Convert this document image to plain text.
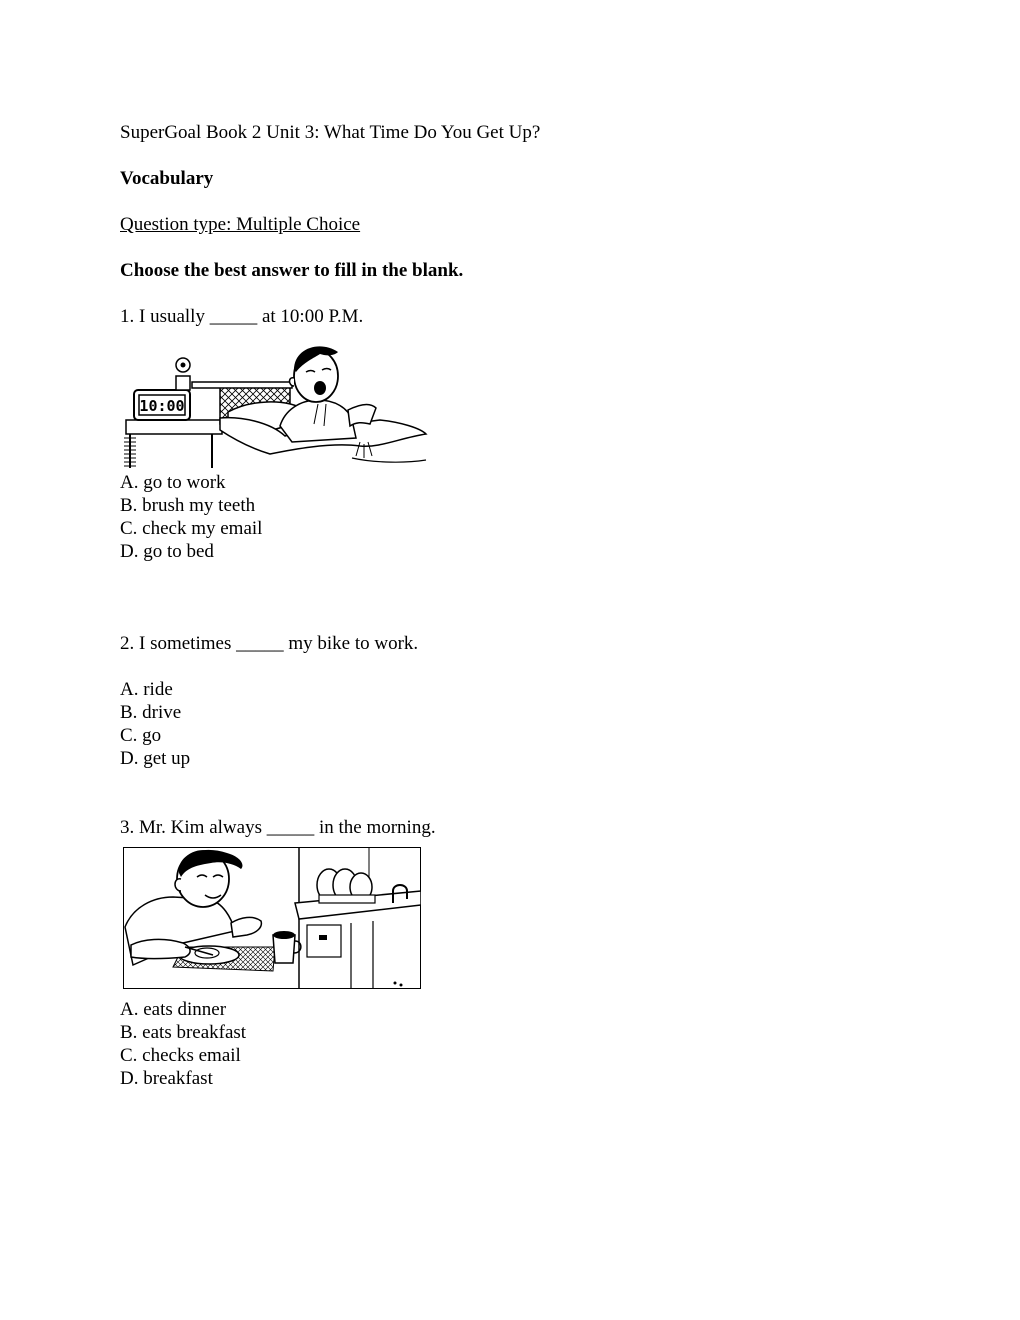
SuperGoal Book 2 Unit 3: What Time Do You Get Up?
Vocabulary
Question type: Multiple Choice
Choose the best answer to fill in the blank.
1. I usually _____ at 10:00 P.M.
10:00
A. go to work
B. brush my teeth
C. check my email
D. go to bed
2. I sometimes _____ my bike to work.
A. ride
B. drive
C. go
D. get up
3. Mr. Kim always _____ in the morning.
A. eats dinner
B. eats breakfast
C. checks email
D. breakfast
